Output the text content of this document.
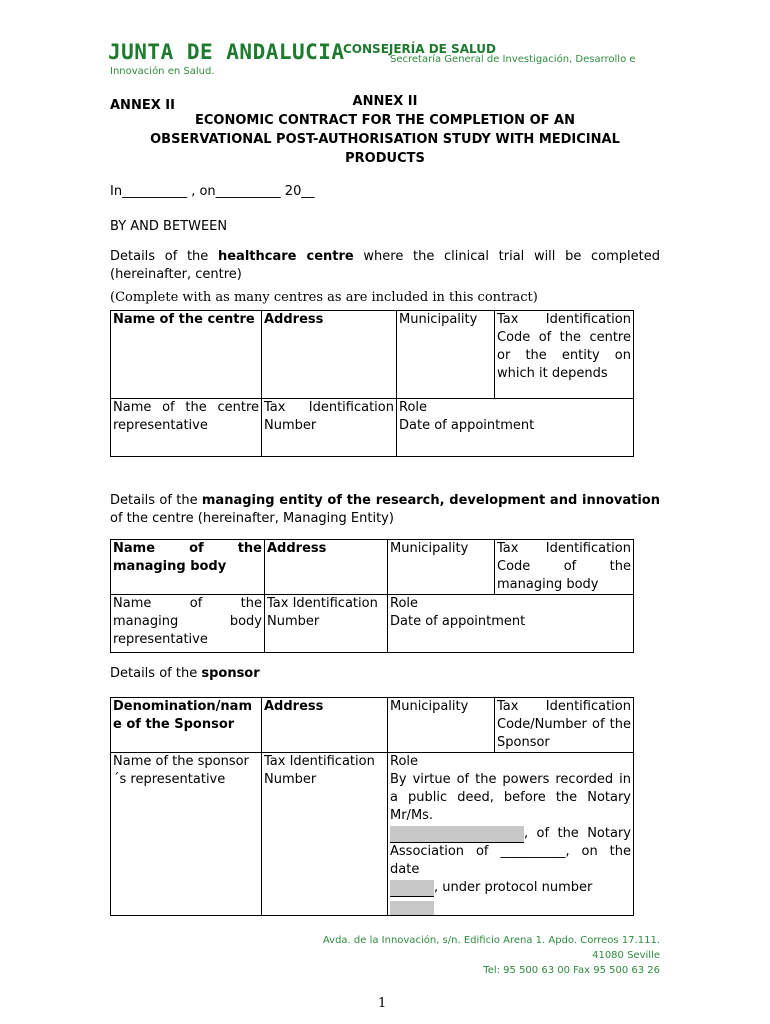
JUNTA DE ANDALUCIA
Innovación en Salud.
CONSEJERÍA DE SALUD
Secretaría General de Investigación, Desarrollo e
ANNEX II	ANNEX II
ECONOMIC CONTRACT FOR THE COMPLETION OF AN
OBSERVATIONAL POST-AUTHORISATION STUDY WITH MEDICINAL
PRODUCTS
In__________ , on__________ 20__
BY AND BETWEEN
Details of the healthcare centre where the clinical trial will be completed (hereinafter, centre)
(Complete with as many centres as are included in this contract)
Name of the centre	Address	Municipality	Tax Identification Code of the centre or the entity on which it depends
Name of the centre representative	Tax Identification Number	Role
Date of appointment	
Details of the managing entity of the research, development and innovation of the centre (hereinafter, Managing Entity)
Name of the managing body	Address	Municipality	Tax Identification Code of the managing body
Name of the managing body representative	Tax Identification Number	Role
Date of appointment	
Details of the sponsor
Denomination/name of the Sponsor	Address	Municipality	Tax Identification Code/Number of the Sponsor
Name of the sponsor´s representative	Tax Identification Number	Role
By virtue of the powers recorded in a public deed, before the Notary Mr/Ms.
, of the Notary Association of __________, on the date
, under protocol number	
Avda. de la Innovación, s/n. Edificio Arena 1. Apdo. Correos 17.111.
41080 Seville
Tel: 95 500 63 00 Fax 95 500 63 26
1
